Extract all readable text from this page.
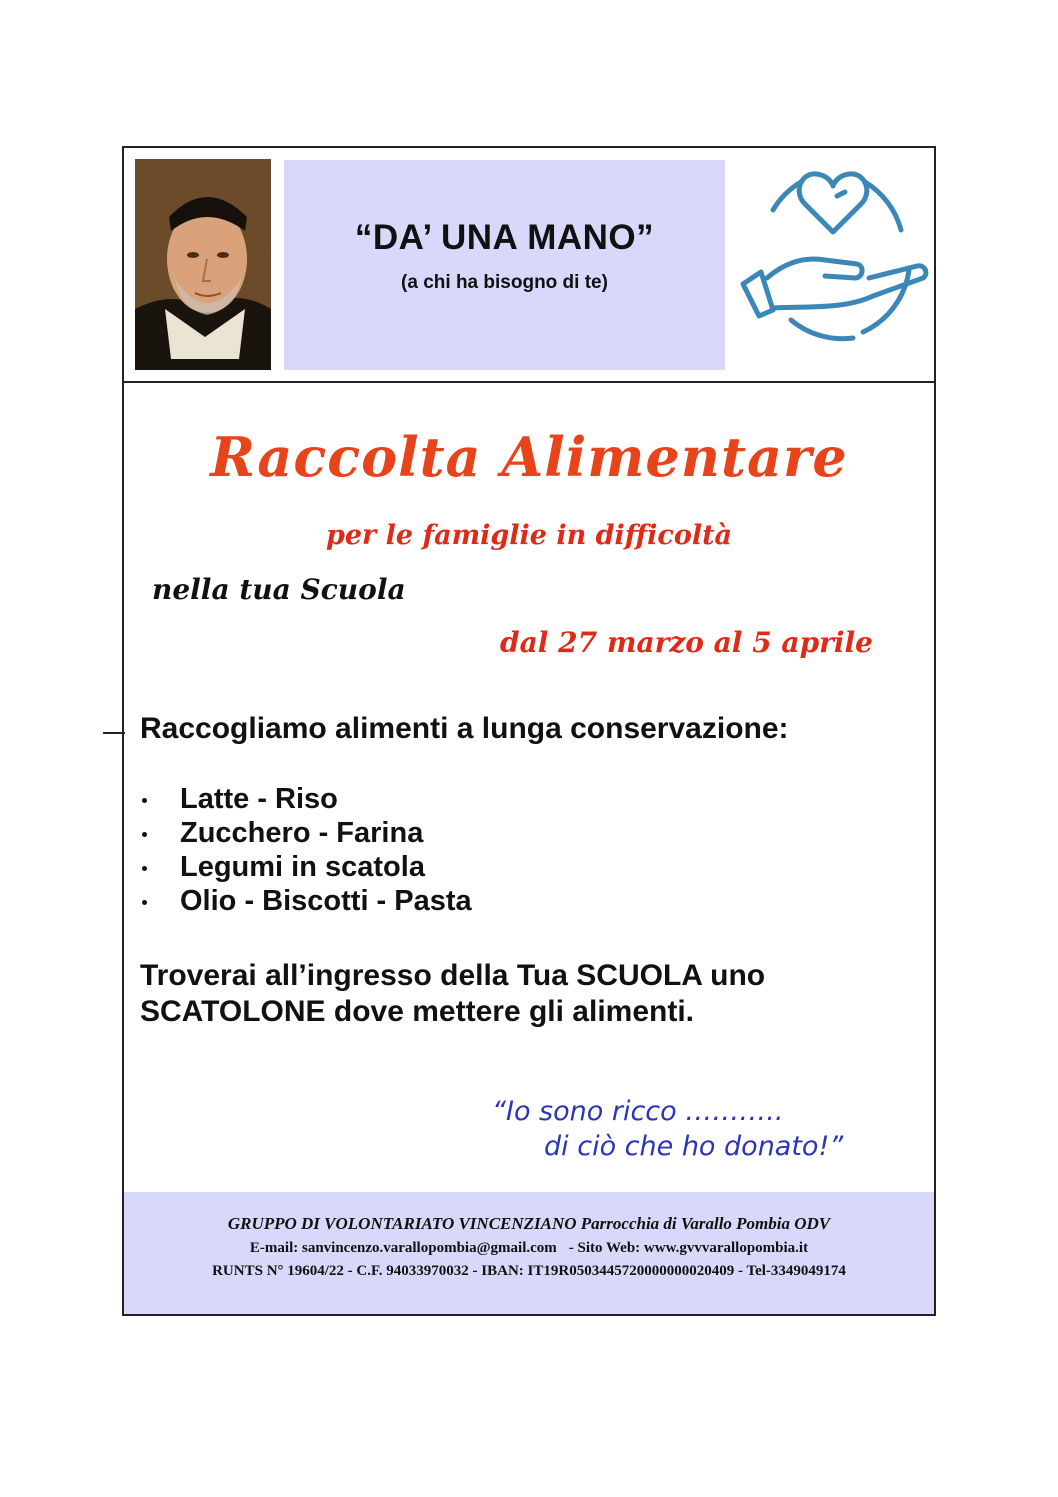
“DA’ UNA MANO”
(a chi ha bisogno di te)
Raccolta Alimentare
per le famiglie in difficoltà
nella tua Scuola
dal 27 marzo al 5 aprile
Raccogliamo alimenti a lunga conservazione:
Latte - Riso
Zucchero - Farina
Legumi in scatola
Olio - Biscotti - Pasta
Troverai all’ingresso della Tua SCUOLA uno SCATOLONE dove mettere gli alimenti.
“Io sono ricco ………..
di ciò che ho donato!”
GRUPPO DI VOLONTARIATO VINCENZIANO Parrocchia di Varallo Pombia ODV
E-mail: sanvincenzo.varallopombia@gmail.com - Sito Web: www.gvvvarallopombia.it
RUNTS N° 19604/22 - C.F. 94033970032 - IBAN: IT19R0503445720000000020409 - Tel-3349049174
